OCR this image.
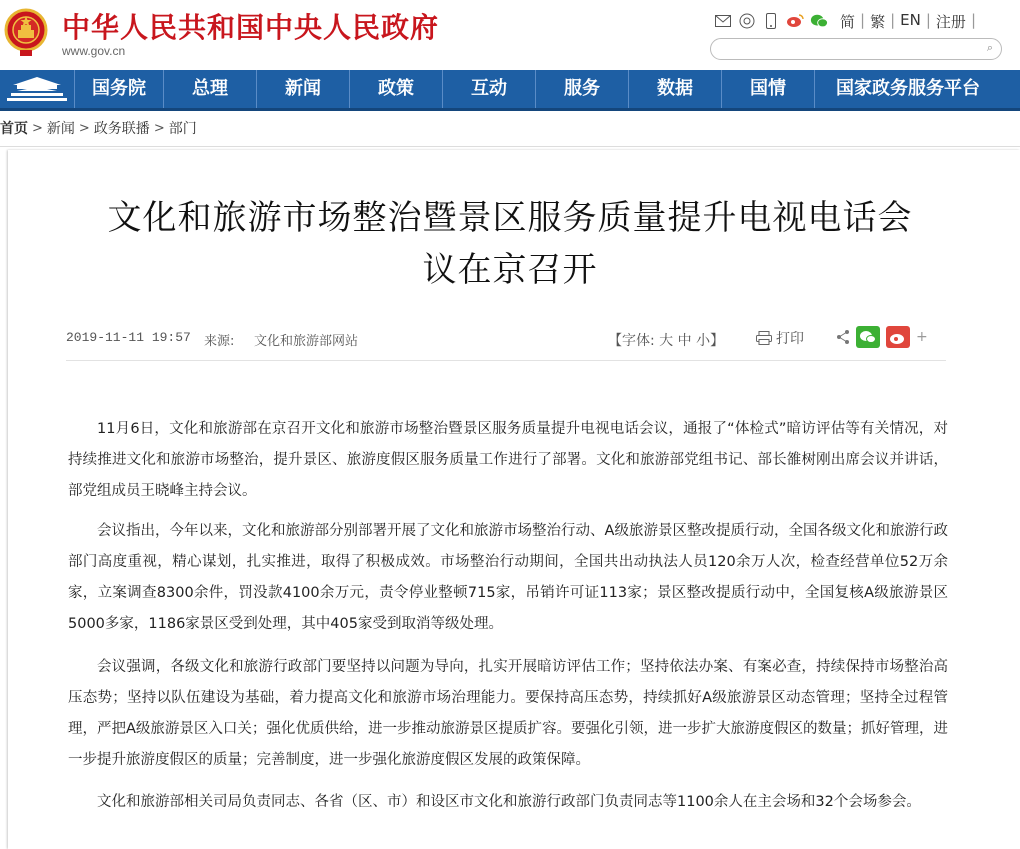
中华人民共和国中央人民政府
www.gov.cn
简 | 繁 | EN | 注册 |
⌕
国务院	总理	新闻	政策	互动	服务	数据	国情	国家政务服务平台
首页 > 新闻 > 政务联播 > 部门
文化和旅游市场整治暨景区服务质量提升电视电话会
议在京召开
2019-11-11 19:57 来源: 文化和旅游部网站	【字体: 大 中 小】	打印	+
11月6日，文化和旅游部在京召开文化和旅游市场整治暨景区服务质量提升电视电话会议，通报了“体检式”暗访评估等有关情况，对持续推进文化和旅游市场整治，提升景区、旅游度假区服务质量工作进行了部署。文化和旅游部党组书记、部长雒树刚出席会议并讲话，部党组成员王晓峰主持会议。
会议指出，今年以来，文化和旅游部分别部署开展了文化和旅游市场整治行动、A级旅游景区整改提质行动，全国各级文化和旅游行政部门高度重视，精心谋划，扎实推进，取得了积极成效。市场整治行动期间，全国共出动执法人员120余万人次，检查经营单位52万余家，立案调查8300余件，罚没款4100余万元，责令停业整顿715家，吊销许可证113家；景区整改提质行动中，全国复核A级旅游景区5000多家，1186家景区受到处理，其中405家受到取消等级处理。
会议强调，各级文化和旅游行政部门要坚持以问题为导向，扎实开展暗访评估工作；坚持依法办案、有案必查，持续保持市场整治高压态势；坚持以队伍建设为基础，着力提高文化和旅游市场治理能力。要保持高压态势，持续抓好A级旅游景区动态管理；坚持全过程管理，严把A级旅游景区入口关；强化优质供给，进一步推动旅游景区提质扩容。要强化引领，进一步扩大旅游度假区的数量；抓好管理，进一步提升旅游度假区的质量；完善制度，进一步强化旅游度假区发展的政策保障。
文化和旅游部相关司局负责同志、各省（区、市）和设区市文化和旅游行政部门负责同志等1100余人在主会场和32个会场参会。
